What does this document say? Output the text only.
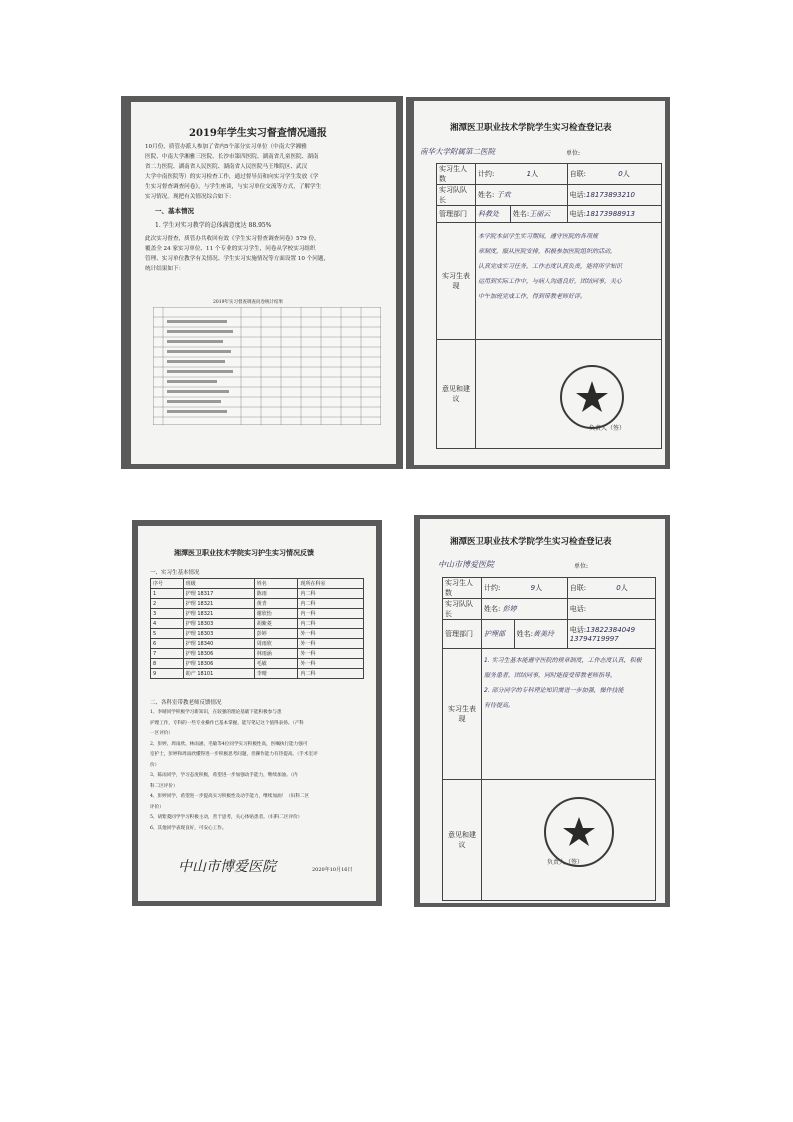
2019年学生实习督查情况通报
10月份，质管办派人参加了省内5个部分实习单位（中南大学湘雅
医院、中南大学湘雅三医院、长沙市第四医院、湖南省儿童医院、湖南
省二力医院、湖南省人民医院、湖南省人民医院马王堆院区、武汉
大学中南医院等）的实习检查工作，通过督导员和向实习学生发放《学
生实习督查调查问卷》，与学生座谈，与实习单位交流等方式，了解学生
实习情况。现把有关情况综合如下：
一、基本情况
1. 学生对实习教学的总体满意度达 88.95%
此次实习督查，质管办共收回有效《学生实习督查调查问卷》579 份，
覆盖全 24 家实习单位、11 个专业的实习学生，问卷从学校实习组织
管理、实习单位教学有关情况、学生实习实施情况等方面设置 10 个问题，
统计结果如下：
2019年实习督查调查问卷统计结果
湘潭医卫职业技术学院学生实习检查登记表
南华大学附属第二医院	单位:
实习生人数	计约: 1人		自联: 0人
实习队队长	姓名: 于欢		电话:18173893210
管理部门	科教处	姓名:王丽云	电话:18173988913
实习生表现	本学院本届学生实习期间，遵守医院的各项规
章制度，服从医院安排，积极参加医院组织的活动，
认真完成实习任务，工作态度认真负责，能将所学知识
运用到实际工作中，与病人沟通良好，团结同事，关心
中午加班完成工作，得到带教老师好评。		

意见和建议	负责人（签）		
湘潭医卫职业技术学院实习护生实习情况反馈
一、实习生基本情况
序号	班级	姓名	现所在科室
1	护理 18317	陈雨	内二科
2	护理 18321	黄青	内二科
3	护理 18321	谢欣怡	内一科
4	护理 18303	胡紫菱	内二科
5	护理 18303	彭婷	外一科
6	护理 18340	周雨欣	外一科
7	护理 18306	林雨涵	外一科
8	护理 18306	毛敏	外一科
9	助产 18101	李晴	内二科
二、各科室带教老师反馈情况
1、李晴同学积极学习新知识，在较强的理论基础下能积极参与患
护理工作，专科的一些专业操作已基本掌握，能写笔记这个值得表扬。（产科
一区评价）
2、彭婷、周雨欣、林雨涵、毛敏等4位同学实习积极性高，医嘱执行能力强可
室护士，彭婷和周雨欣懂得进一步积极思考问题，但操作能力有待提高。（手术室评
价）
3、陈雨同学，学习态度积极，希望进一步加强动手能力，继续加油。（内
科二区评价）
4、彭婷同学，希望进一步提高实习积极性及动手能力，继续加油！（妇科二区
评价）
5、胡紫菱同学学习积极主动，善于思考，关心体贴患者。（妇科二区评价）
6、其他同学表现良好，可安心工作。
中山市博爱医院	2020年10月16日
湘潭医卫职业技术学院学生实习检查登记表
中山市博爱医院	单位:
实习生人数	计约: 9人		自联: 0人
实习队队长	姓名: 彭婷		电话:
管理部门	护理部	姓名:黄美玲	电话:13822384049
13794719997

实习生表现	1. 实习生基本能遵守医院的规章制度，工作态度认真，积极
服务患者，团结同事，同时能接受带教老师指导，
2. 部分同学的专科理论知识需进一步加强，操作技能
有待提高。		

意见和建议	负责人（签）		
